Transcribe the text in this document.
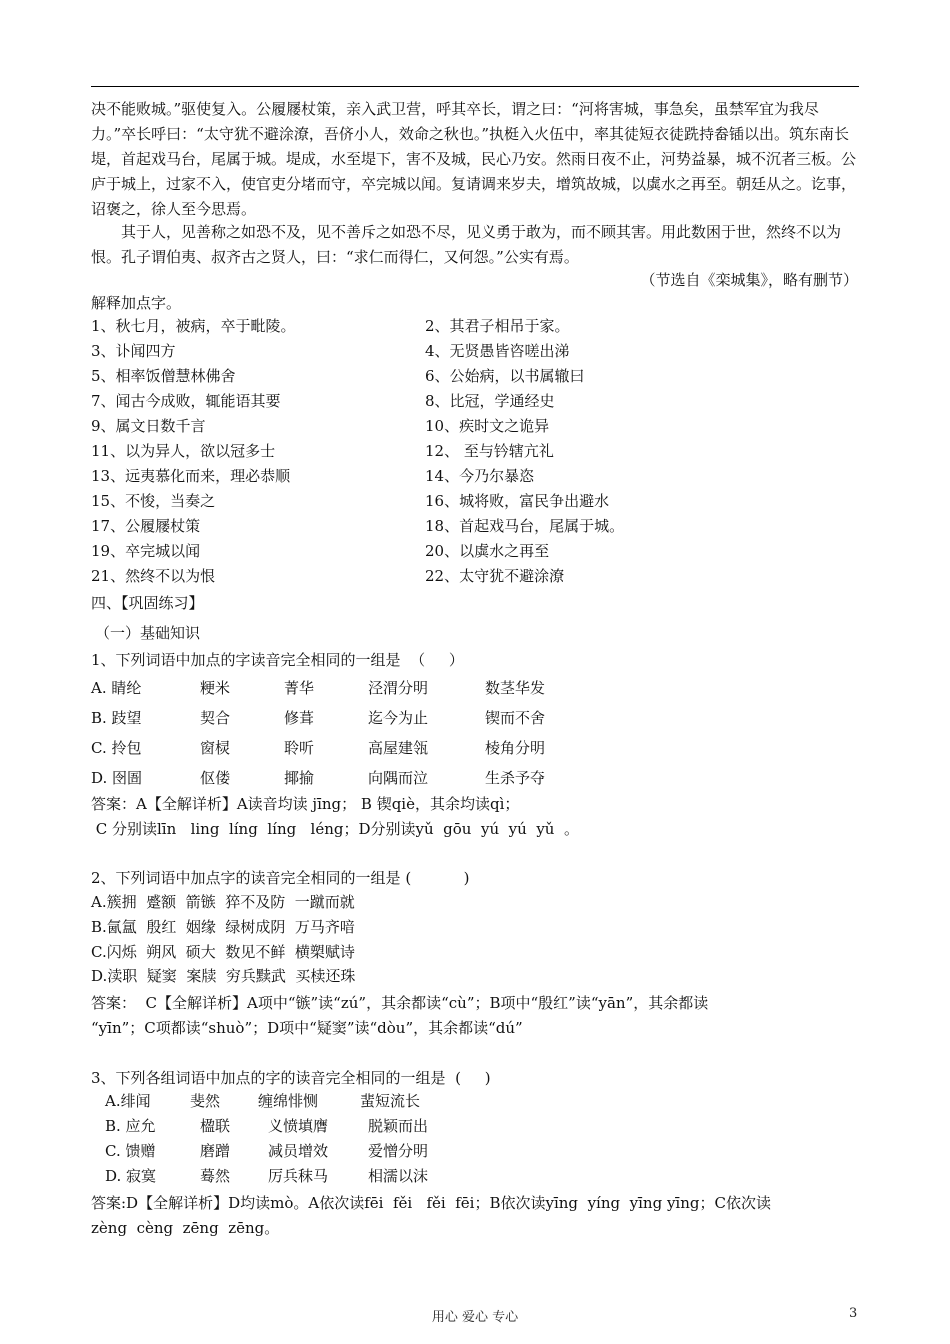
决不能败城。”驱使复入。公履屦杖策，亲入武卫营，呼其卒长，谓之曰：“河将害城，事急矣，虽禁军宜为我尽力。”卒长呼曰：“太守犹不避涂潦，吾侪小人，效命之秋也。”执梃入火伍中，率其徒短衣徒跣持畚锸以出。筑东南长堤，首起戏马台，尾属于城。堤成，水至堤下，害不及城，民心乃安。然雨日夜不止，河势益暴，城不沉者三板。公庐于城上，过家不入，使官吏分堵而守，卒完城以闻。复请调来岁夫，增筑故城，以虡水之再至。朝廷从之。讫事，诏褒之，徐人至今思焉。

其于人，见善称之如恐不及，见不善斥之如恐不尽，见义勇于敢为，而不顾其害。用此数困于世，然终不以为恨。孔子谓伯夷、叔齐古之贤人，曰：“求仁而得仁，又何怨。”公实有焉。

（节选自《栾城集》，略有删节）
解释加点字。
1、秋七月，被病，卒于毗陵。	2、其君子相吊于家。
3、讣闻四方	4、无贤愚皆咨嗟出涕
5、相率饭僧慧林佛舍	6、公始病，以书属辙曰
7、闻古今成败，辄能语其要	8、比冠，学通经史
9、属文日数千言	10、疾时文之诡异
11、以为异人，欲以冠多士	12、 至与钤辖亢礼
13、远夷慕化而来，理必恭顺	14、今乃尔暴恣
15、不悛，当奏之	16、城将败，富民争出避水
17、公履屦杖策	18、首起戏马台，尾属于城。
19、卒完城以闻	20、以虡水之再至
21、然终不以为恨	22、太守犹不避涂潦
四、【巩固练习】
（一）基础知识
1、下列词语中加点的字读音完全相同的一组是  （     ）
A. 睛纶	粳米	菁华	泾渭分明	数茎华发
B. 跂望	契合	修葺	迄今为止	锲而不舍
C. 拎包	窗棂	聆听	高屋建瓴	棱角分明
D. 囹圄	伛偻	揶揄	向隅而泣	生杀予夺
答案：A【全解详析】A读音均读 jīng； B 锲qiè，其余均读qì；
C 分别读līn   ling  líng  líng   léng；D分别读yǔ  gōu  yú  yú  yǔ  。
2、下列词语中加点字的读音完全相同的一组是 (           )
A.簇拥  蹙额  箭镞  猝不及防  一蹴而就
B.氤氲  殷红  姻缘  绿树成阴  万马齐喑
C.闪烁  朔风  硕大  数见不鲜  横槊赋诗
D.渎职  疑窦  案牍  穷兵黩武  买椟还珠
答案：  C【全解详析】A项中“镞”读“zú”，其余都读“cù”；B项中“殷红”读“yān”，其余都读
“yīn”；C项都读“shuò”；D项中“疑窦”读“dòu”，其余都读“dú”
3、下列各组词语中加点的字的读音完全相同的一组是  (     )
A.绯闻	斐然	缠绵悱恻	蜚短流长
B. 应允	楹联	义愤填膺	脱颖而出
C. 馈赠	磨蹭	减员增效	爱憎分明
D. 寂寞	蓦然	厉兵秣马	相濡以沫
答案:D【全解详析】D均读mò。A依次读fēi  fěi   fěi  fēi；B依次读yīng  yíng  yīng yīng；C依次读
zèng  cèng  zēng  zēng。
用心 爱心 专心	3
